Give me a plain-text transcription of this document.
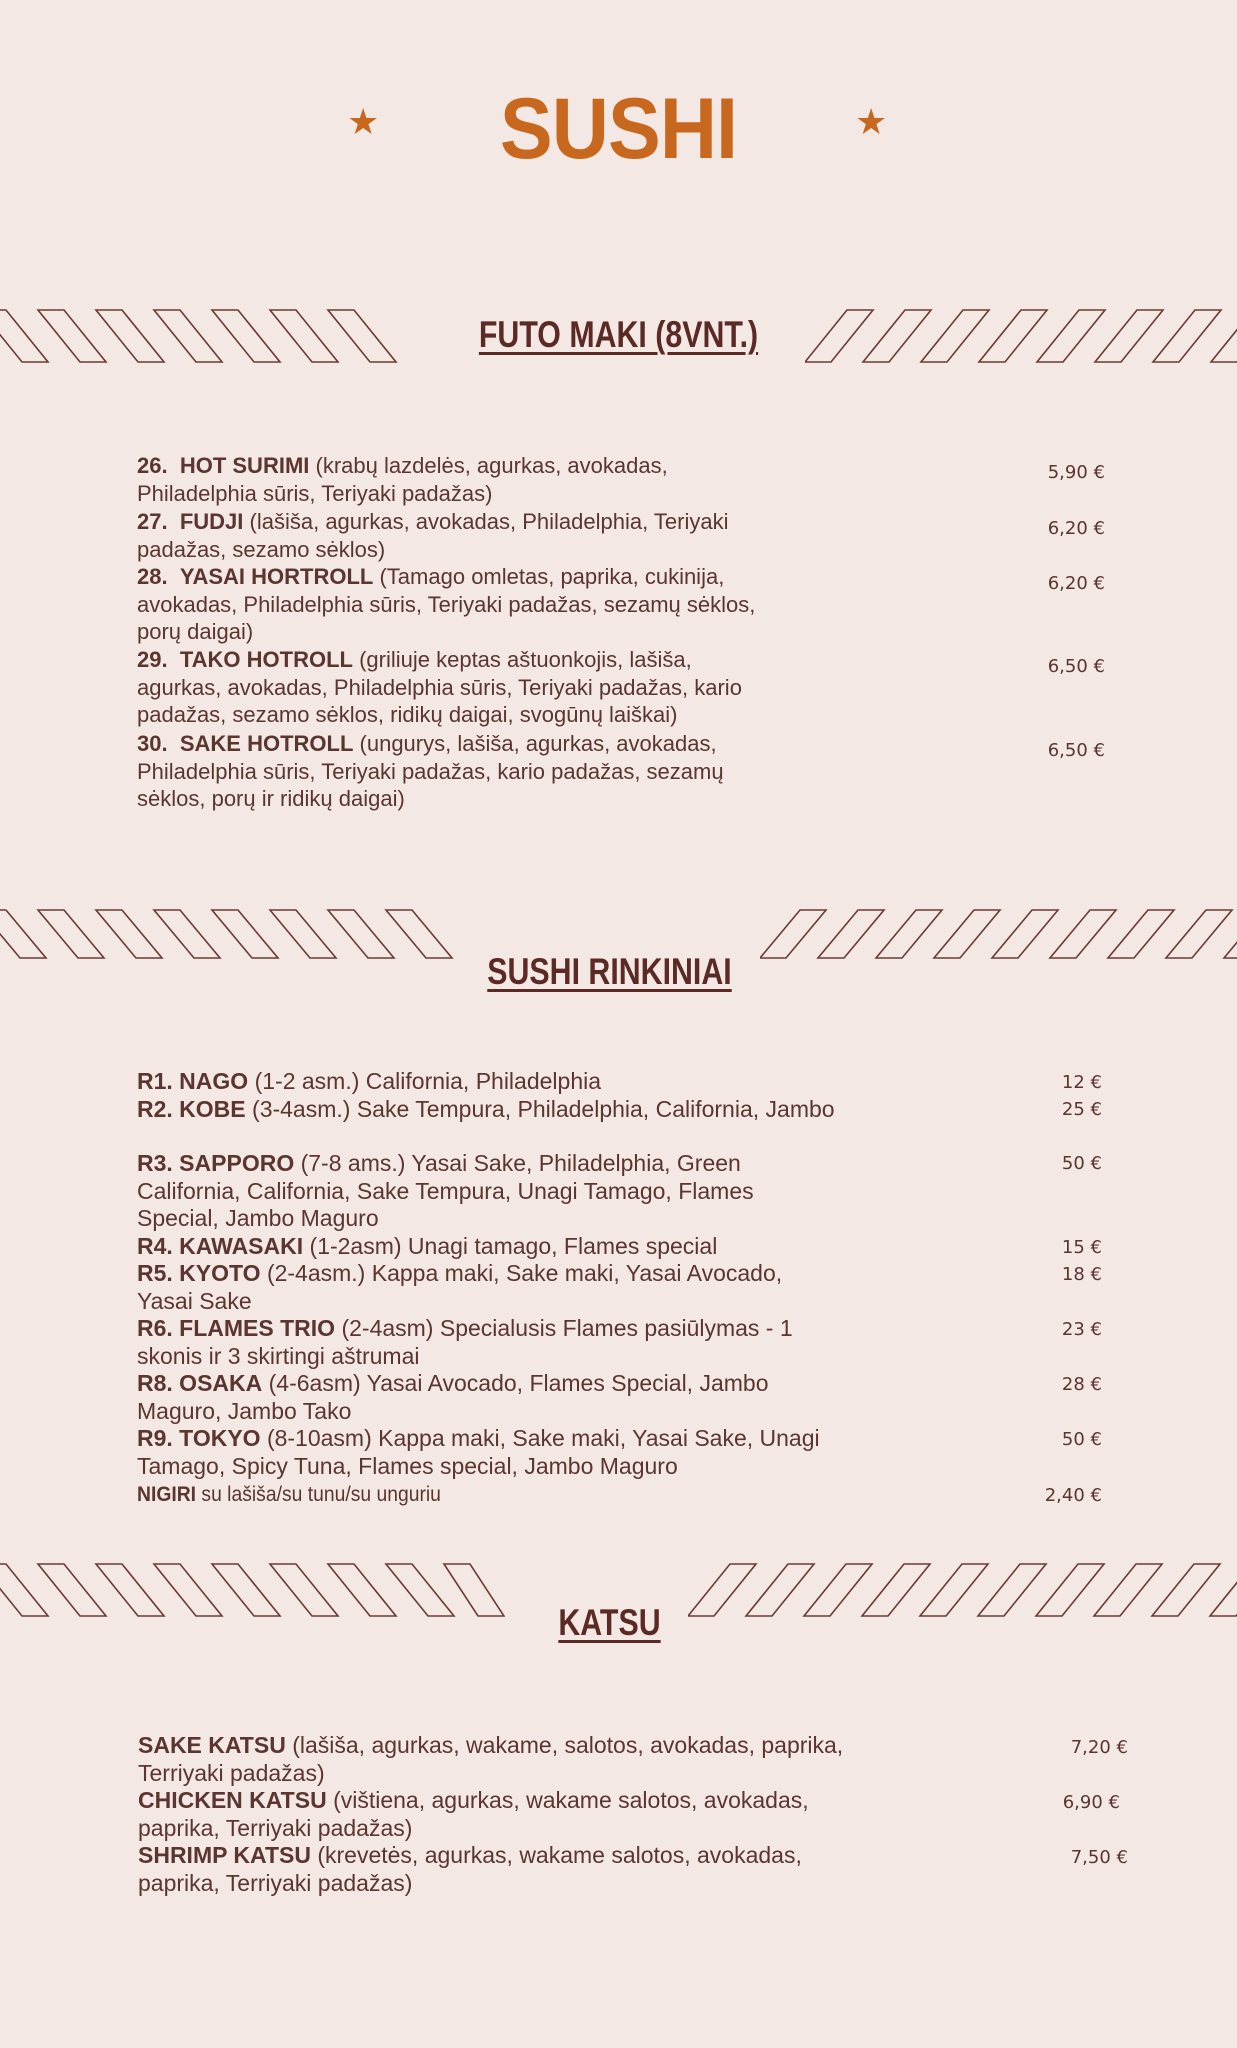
★	SUSHI	★
FUTO MAKI (8VNT.)
26. HOT SURIMI (krabų lazdelės, agurkas, avokadas, Philadelphia sūris, Teriyaki padažas)
5,90 €
27. FUDJI (lašiša, agurkas, avokadas, Philadelphia, Teriyaki padažas, sezamo sėklos)
6,20 €
28. YASAI HORTROLL (Tamago omletas, paprika, cukinija, avokadas, Philadelphia sūris, Teriyaki padažas, sezamų sėklos, porų daigai)
6,20 €
29. TAKO HOTROLL (griliuje keptas aštuonkojis, lašiša, agurkas, avokadas, Philadelphia sūris, Teriyaki padažas, kario padažas, sezamo sėklos, ridikų daigai, svogūnų laiškai)
6,50 €
30. SAKE HOTROLL (ungurys, lašiša, agurkas, avokadas, Philadelphia sūris, Teriyaki padažas, kario padažas, sezamų sėklos, porų ir ridikų daigai)
6,50 €
SUSHI RINKINIAI
R1. NAGO (1-2 asm.) California, Philadelphia	12 €
R2. KOBE (3-4asm.) Sake Tempura, Philadelphia, California, Jambo	25 €
R3. SAPPORO (7-8 ams.) Yasai Sake, Philadelphia, Green California, California, Sake Tempura, Unagi Tamago, Flames Special, Jambo Maguro
50 €
R4. KAWASAKI (1-2asm) Unagi tamago, Flames special	15 €
R5. KYOTO (2-4asm.) Kappa maki, Sake maki, Yasai Avocado, Yasai Sake
18 €
R6. FLAMES TRIO (2-4asm) Specialusis Flames pasiūlymas - 1 skonis ir 3 skirtingi aštrumai
23 €
R8. OSAKA (4-6asm) Yasai Avocado, Flames Special, Jambo Maguro, Jambo Tako
28 €
R9. TOKYO (8-10asm) Kappa maki, Sake maki, Yasai Sake, Unagi Tamago, Spicy Tuna, Flames special, Jambo Maguro
50 €
NIGIRI su lašiša/su tunu/su unguriu	2,40 €
KATSU
SAKE KATSU (lašiša, agurkas, wakame, salotos, avokadas, paprika, Terriyaki padažas)
7,20 €
CHICKEN KATSU (vištiena, agurkas, wakame salotos, avokadas, paprika, Terriyaki padažas)
6,90 €
SHRIMP KATSU (krevetės, agurkas, wakame salotos, avokadas, paprika, Terriyaki padažas)
7,50 €
